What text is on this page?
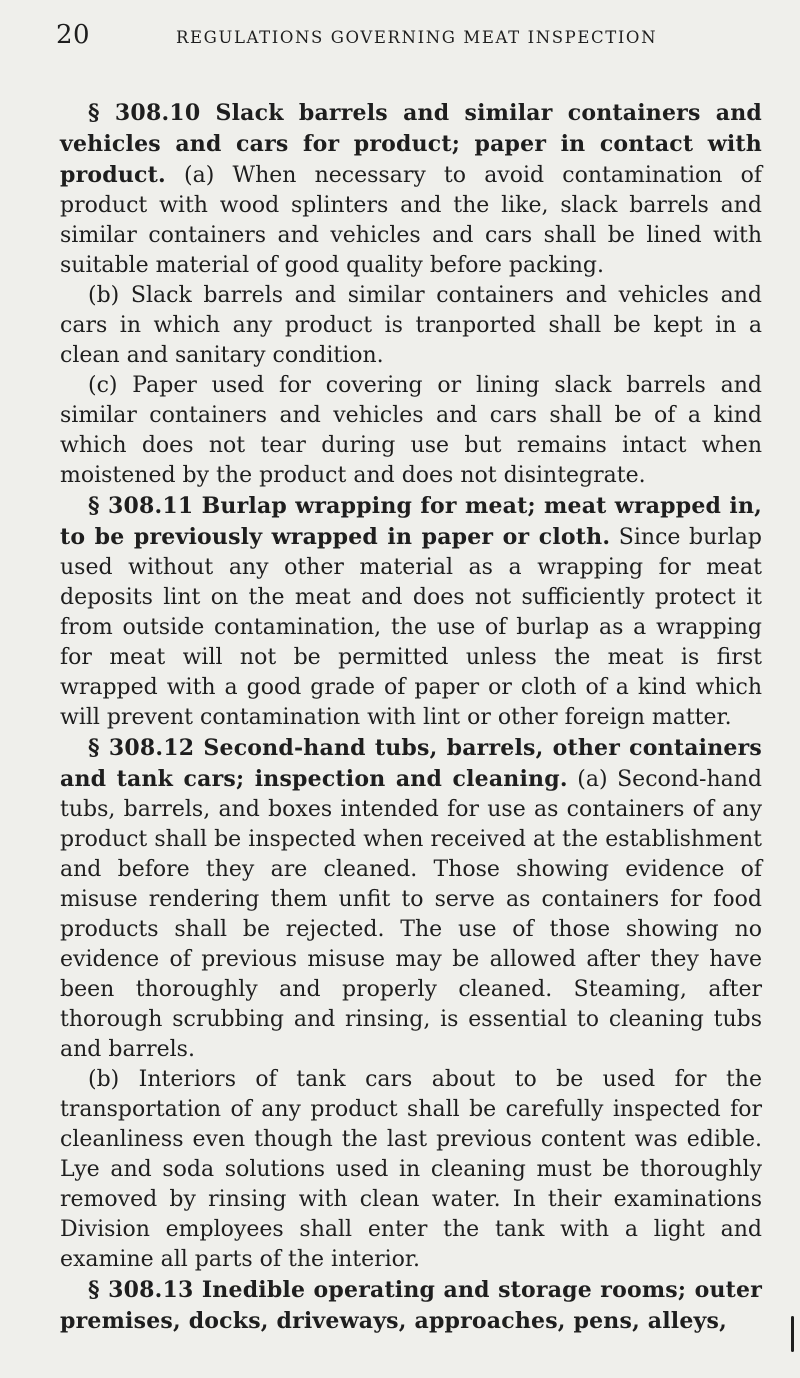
20	REGULATIONS GOVERNING MEAT INSPECTION

§ 308.10 Slack barrels and similar containers and vehicles and cars for product; paper in contact with product. (a) When necessary to avoid contamination of product with wood splinters and the like, slack barrels and similar containers and vehicles and cars shall be lined with suitable material of good quality before packing.

(b) Slack barrels and similar containers and vehicles and cars in which any product is tranported shall be kept in a clean and sanitary condition.

(c) Paper used for covering or lining slack barrels and similar containers and vehicles and cars shall be of a kind which does not tear during use but remains intact when moistened by the product and does not disintegrate.

§ 308.11 Burlap wrapping for meat; meat wrapped in, to be previously wrapped in paper or cloth. Since burlap used without any other material as a wrapping for meat deposits lint on the meat and does not sufficiently protect it from outside contamination, the use of burlap as a wrapping for meat will not be permitted unless the meat is first wrapped with a good grade of paper or cloth of a kind which will prevent contamination with lint or other foreign matter.

§ 308.12 Second-hand tubs, barrels, other containers and tank cars; inspection and cleaning. (a) Second-hand tubs, barrels, and boxes intended for use as containers of any product shall be inspected when received at the establishment and before they are cleaned. Those showing evidence of misuse rendering them unfit to serve as containers for food products shall be rejected. The use of those showing no evidence of previous misuse may be allowed after they have been thoroughly and properly cleaned. Steaming, after thorough scrubbing and rinsing, is essential to cleaning tubs and barrels.

(b) Interiors of tank cars about to be used for the transportation of any product shall be carefully inspected for cleanliness even though the last previous content was edible. Lye and soda solutions used in cleaning must be thoroughly removed by rinsing with clean water. In their examinations Division employees shall enter the tank with a light and examine all parts of the interior.

§ 308.13 Inedible operating and storage rooms; outer premises, docks, driveways, approaches, pens, alleys,
